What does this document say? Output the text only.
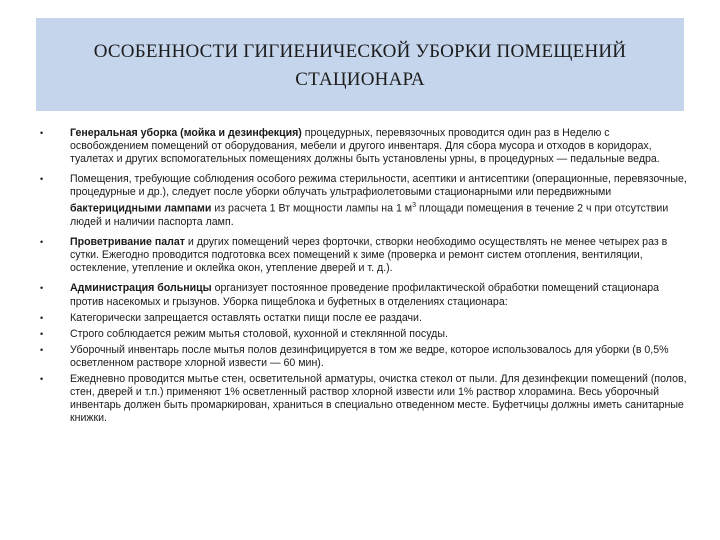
ОСОБЕННОСТИ ГИГИЕНИЧЕСКОЙ УБОРКИ ПОМЕЩЕНИЙ
СТАЦИОНАРА
•	Генеральная уборка (мойка и дезинфекция) процедурных, перевязочных проводится один раз в Неделю с освобождением помещений от оборудования, мебели и другого инвентаря. Для сбора мусора и отходов в коридорах, туалетах и других вспомогательных помещениях должны быть установлены урны, в процедурных — педальные ведра.
•	Помещения, требующие соблюдения особого режима стерильности, асептики и антисептики (операционные, перевязочные, процедурные и др.), следует после уборки облучать ультрафиолетовыми стационарными или передвижными бактерицидными лампами из расчета 1 Вт мощности лампы на 1 $м^3$ площади помещения в течение 2 ч при отсутствии людей и наличии паспорта ламп.
•	Проветривание палат и других помещений через форточки, створки необходимо осуществлять не менее четырех раз в сутки. Ежегодно проводится подготовка всех помещений к зиме (проверка и ремонт систем отопления, вентиляции, остекление, утепление и оклейка окон, утепление дверей и т. д.).
•	Администрация больницы организует постоянное проведение профилактической обработки помещений стационара против насекомых и грызунов. Уборка пищеблока и буфетных в отделениях стационара:
•	Категорически запрещается оставлять остатки пищи после ее раздачи.
•	Строго соблюдается режим мытья столовой, кухонной и стеклянной посуды.
•	Уборочный инвентарь после мытья полов дезинфицируется в том же ведре, которое использовалось для уборки (в 0,5% осветленном растворе хлорной извести — 60 мин).
•	Ежедневно проводится мытье стен, осветительной арматуры, очистка стекол от пыли. Для дезинфекции помещений (полов, стен, дверей и т.п.) применяют 1% осветленный раствор хлорной извести или 1% раствор хлорамина. Весь уборочный инвентарь должен быть промаркирован, храниться в специально отведенном месте. Буфетчицы должны иметь санитарные книжки.
